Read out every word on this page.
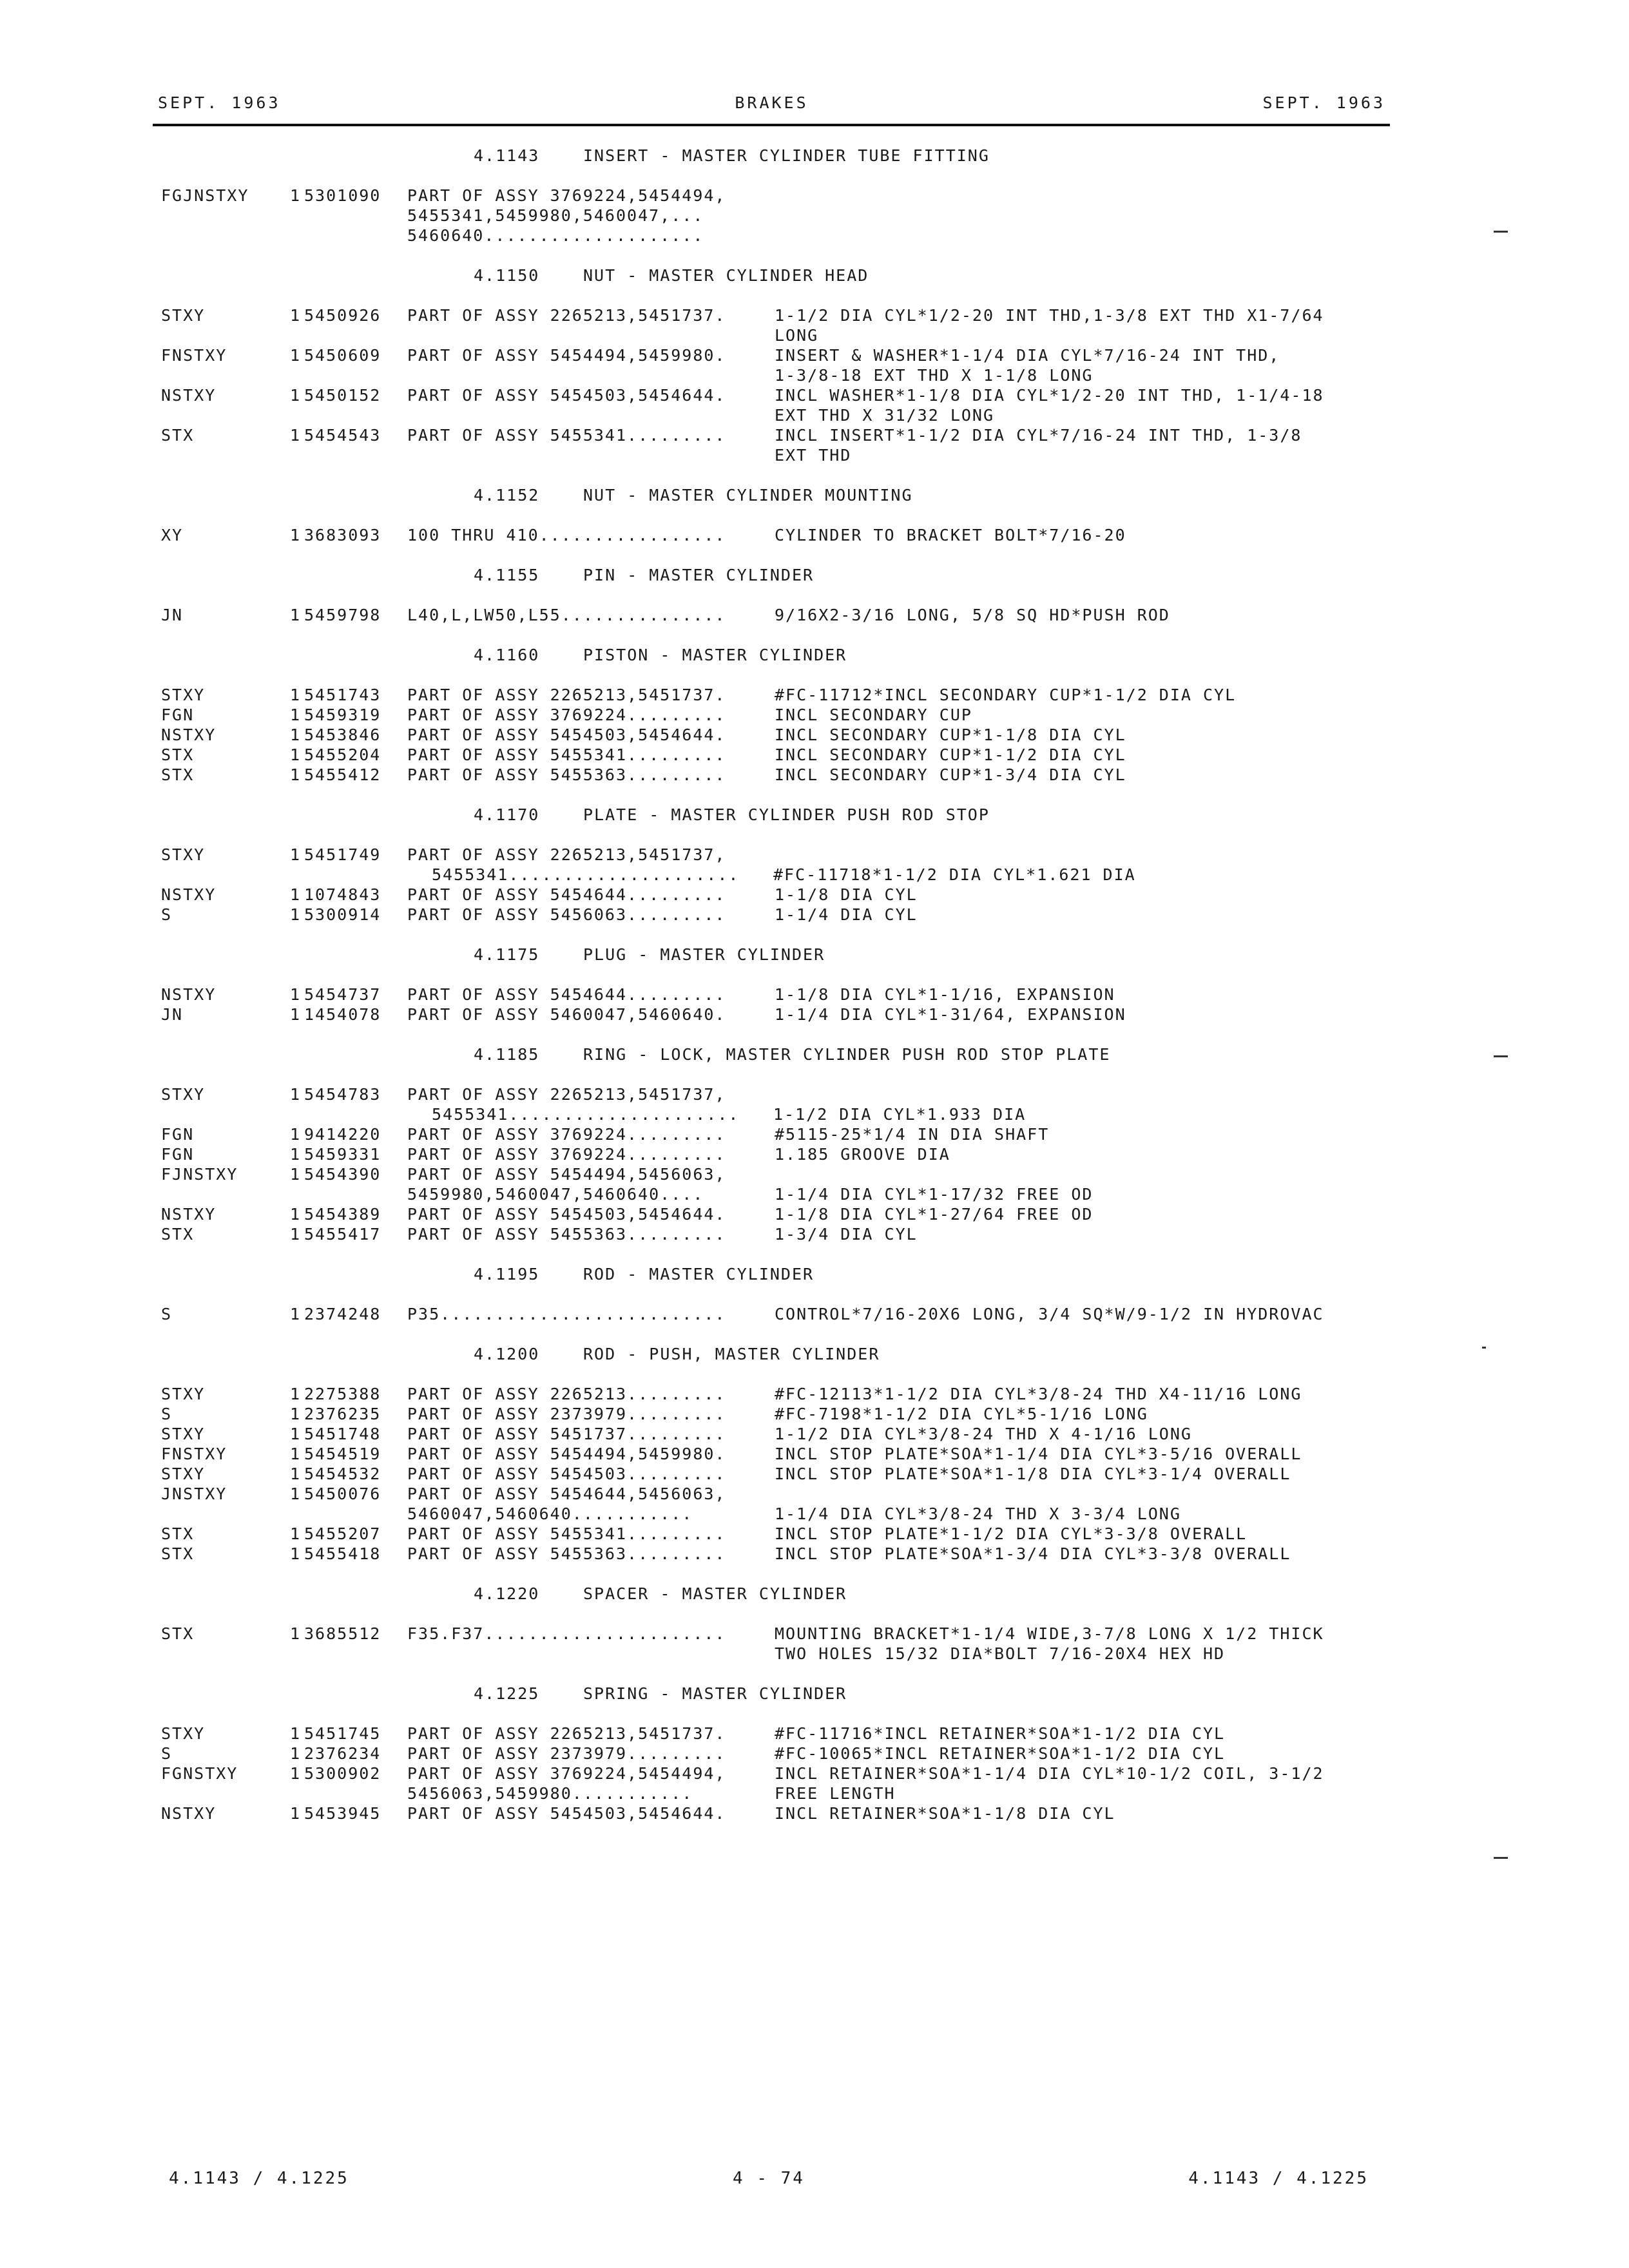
SEPT. 1963	BRAKES	SEPT. 1963
4.1143	INSERT - MASTER CYLINDER TUBE FITTING
FGJNSTXY	1 5301090	PART OF ASSY 3769224,5454494,
5455341,5459980,5460047,...
5460640....................
4.1150	NUT - MASTER CYLINDER HEAD
STXY	1 5450926	PART OF ASSY 2265213,5451737.	1-1/2 DIA CYL*1/2-20 INT THD,1-3/8 EXT THD X1-7/64
LONG
FNSTXY	1 5450609	PART OF ASSY 5454494,5459980.	INSERT & WASHER*1-1/4 DIA CYL*7/16-24 INT THD,
1-3/8-18 EXT THD X 1-1/8 LONG
NSTXY	1 5450152	PART OF ASSY 5454503,5454644.	INCL WASHER*1-1/8 DIA CYL*1/2-20 INT THD, 1-1/4-18
EXT THD X 31/32 LONG
STX	1 5454543	PART OF ASSY 5455341.........	INCL INSERT*1-1/2 DIA CYL*7/16-24 INT THD, 1-3/8
EXT THD
4.1152	NUT - MASTER CYLINDER MOUNTING
XY	1 3683093	100 THRU 410.................	CYLINDER TO BRACKET BOLT*7/16-20
4.1155	PIN - MASTER CYLINDER
JN	1 5459798	L40,L,LW50,L55...............	9/16X2-3/16 LONG, 5/8 SQ HD*PUSH ROD
4.1160	PISTON - MASTER CYLINDER
STXY	1 5451743	PART OF ASSY 2265213,5451737.	#FC-11712*INCL SECONDARY CUP*1-1/2 DIA CYL
FGN	1 5459319	PART OF ASSY 3769224.........	INCL SECONDARY CUP
NSTXY	1 5453846	PART OF ASSY 5454503,5454644.	INCL SECONDARY CUP*1-1/8 DIA CYL
STX	1 5455204	PART OF ASSY 5455341.........	INCL SECONDARY CUP*1-1/2 DIA CYL
STX	1 5455412	PART OF ASSY 5455363.........	INCL SECONDARY CUP*1-3/4 DIA CYL
4.1170	PLATE - MASTER CYLINDER PUSH ROD STOP
STXY	1 5451749	PART OF ASSY 2265213,5451737,
5455341.....................	#FC-11718*1-1/2 DIA CYL*1.621 DIA
NSTXY	1 1074843	PART OF ASSY 5454644.........	1-1/8 DIA CYL
S	1 5300914	PART OF ASSY 5456063.........	1-1/4 DIA CYL
4.1175	PLUG - MASTER CYLINDER
NSTXY	1 5454737	PART OF ASSY 5454644.........	1-1/8 DIA CYL*1-1/16, EXPANSION
JN	1 1454078	PART OF ASSY 5460047,5460640.	1-1/4 DIA CYL*1-31/64, EXPANSION
4.1185	RING - LOCK, MASTER CYLINDER PUSH ROD STOP PLATE
STXY	1 5454783	PART OF ASSY 2265213,5451737,
5455341.....................	1-1/2 DIA CYL*1.933 DIA
FGN	1 9414220	PART OF ASSY 3769224.........	#5115-25*1/4 IN DIA SHAFT
FGN	1 5459331	PART OF ASSY 3769224.........	1.185 GROOVE DIA
FJNSTXY	1 5454390	PART OF ASSY 5454494,5456063,
5459980,5460047,5460640....	1-1/4 DIA CYL*1-17/32 FREE OD
NSTXY	1 5454389	PART OF ASSY 5454503,5454644.	1-1/8 DIA CYL*1-27/64 FREE OD
STX	1 5455417	PART OF ASSY 5455363.........	1-3/4 DIA CYL
4.1195	ROD - MASTER CYLINDER
S	1 2374248	P35..........................	CONTROL*7/16-20X6 LONG, 3/4 SQ*W/9-1/2 IN HYDROVAC
4.1200	ROD - PUSH, MASTER CYLINDER
STXY	1 2275388	PART OF ASSY 2265213.........	#FC-12113*1-1/2 DIA CYL*3/8-24 THD X4-11/16 LONG
S	1 2376235	PART OF ASSY 2373979.........	#FC-7198*1-1/2 DIA CYL*5-1/16 LONG
STXY	1 5451748	PART OF ASSY 5451737.........	1-1/2 DIA CYL*3/8-24 THD X 4-1/16 LONG
FNSTXY	1 5454519	PART OF ASSY 5454494,5459980.	INCL STOP PLATE*SOA*1-1/4 DIA CYL*3-5/16 OVERALL
STXY	1 5454532	PART OF ASSY 5454503.........	INCL STOP PLATE*SOA*1-1/8 DIA CYL*3-1/4 OVERALL
JNSTXY	1 5450076	PART OF ASSY 5454644,5456063,
5460047,5460640...........	1-1/4 DIA CYL*3/8-24 THD X 3-3/4 LONG
STX	1 5455207	PART OF ASSY 5455341.........	INCL STOP PLATE*1-1/2 DIA CYL*3-3/8 OVERALL
STX	1 5455418	PART OF ASSY 5455363.........	INCL STOP PLATE*SOA*1-3/4 DIA CYL*3-3/8 OVERALL
4.1220	SPACER - MASTER CYLINDER
STX	1 3685512	F35.F37......................	MOUNTING BRACKET*1-1/4 WIDE,3-7/8 LONG X 1/2 THICK
TWO HOLES 15/32 DIA*BOLT 7/16-20X4 HEX HD
4.1225	SPRING - MASTER CYLINDER
STXY	1 5451745	PART OF ASSY 2265213,5451737.	#FC-11716*INCL RETAINER*SOA*1-1/2 DIA CYL
S	1 2376234	PART OF ASSY 2373979.........	#FC-10065*INCL RETAINER*SOA*1-1/2 DIA CYL
FGNSTXY	1 5300902	PART OF ASSY 3769224,5454494,	INCL RETAINER*SOA*1-1/4 DIA CYL*10-1/2 COIL, 3-1/2
5456063,5459980...........	FREE LENGTH
NSTXY	1 5453945	PART OF ASSY 5454503,5454644.	INCL RETAINER*SOA*1-1/8 DIA CYL
4.1143 / 4.1225	4 - 74	4.1143 / 4.1225
